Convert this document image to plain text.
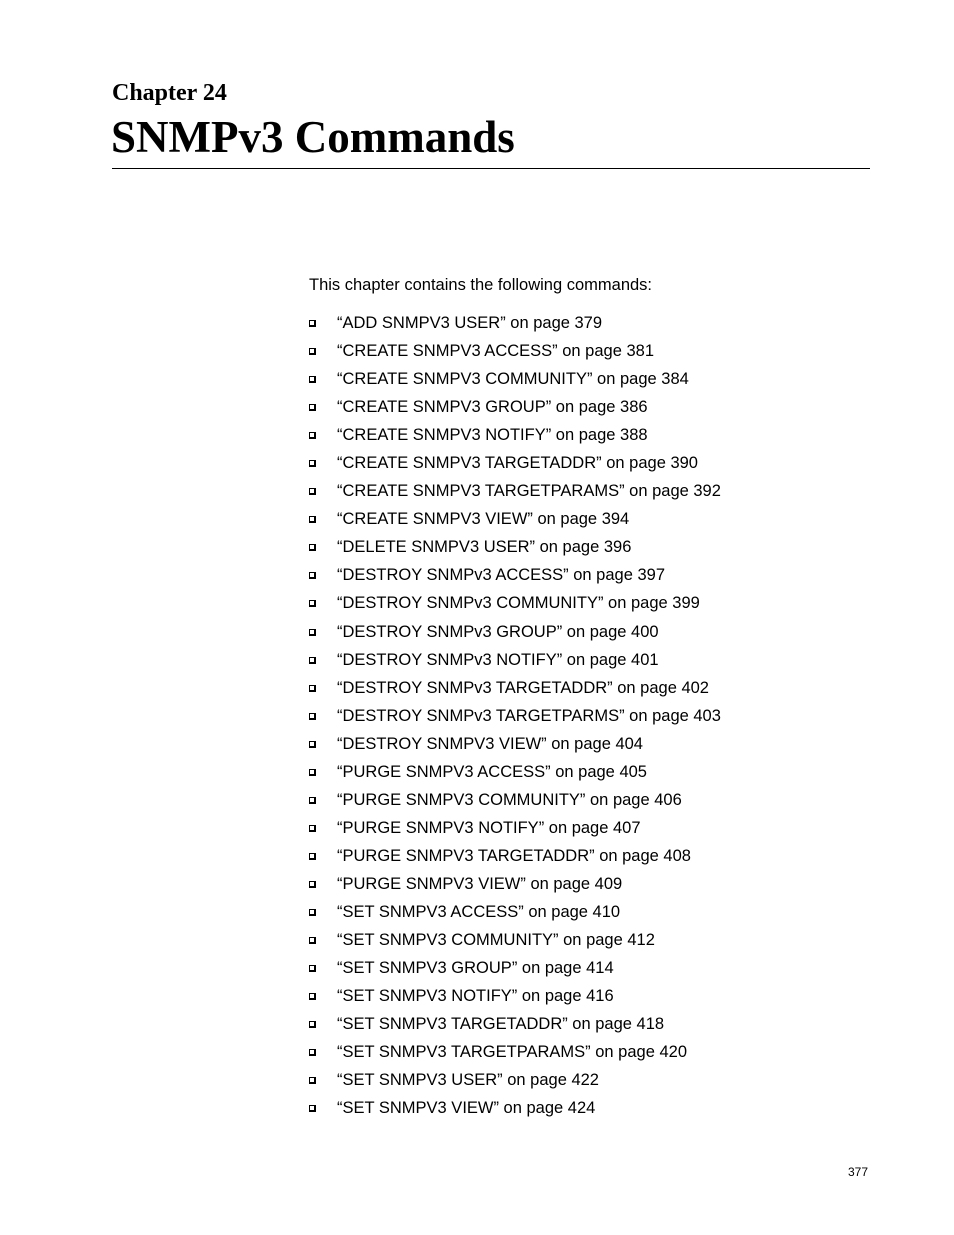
Chapter 24
SNMPv3 Commands

This chapter contains the following commands:

“ADD SNMPV3 USER” on page 379
“CREATE SNMPV3 ACCESS” on page 381
“CREATE SNMPV3 COMMUNITY” on page 384
“CREATE SNMPV3 GROUP” on page 386
“CREATE SNMPV3 NOTIFY” on page 388
“CREATE SNMPV3 TARGETADDR” on page 390
“CREATE SNMPV3 TARGETPARAMS” on page 392
“CREATE SNMPV3 VIEW” on page 394
“DELETE SNMPV3 USER” on page 396
“DESTROY SNMPv3 ACCESS” on page 397
“DESTROY SNMPv3 COMMUNITY” on page 399
“DESTROY SNMPv3 GROUP” on page 400
“DESTROY SNMPv3 NOTIFY” on page 401
“DESTROY SNMPv3 TARGETADDR” on page 402
“DESTROY SNMPv3 TARGETPARMS” on page 403
“DESTROY SNMPV3 VIEW” on page 404
“PURGE SNMPV3 ACCESS” on page 405
“PURGE SNMPV3 COMMUNITY” on page 406
“PURGE SNMPV3 NOTIFY” on page 407
“PURGE SNMPV3 TARGETADDR” on page 408
“PURGE SNMPV3 VIEW” on page 409
“SET SNMPV3 ACCESS” on page 410
“SET SNMPV3 COMMUNITY” on page 412
“SET SNMPV3 GROUP” on page 414
“SET SNMPV3 NOTIFY” on page 416
“SET SNMPV3 TARGETADDR” on page 418
“SET SNMPV3 TARGETPARAMS” on page 420
“SET SNMPV3 USER” on page 422
“SET SNMPV3 VIEW” on page 424
377
